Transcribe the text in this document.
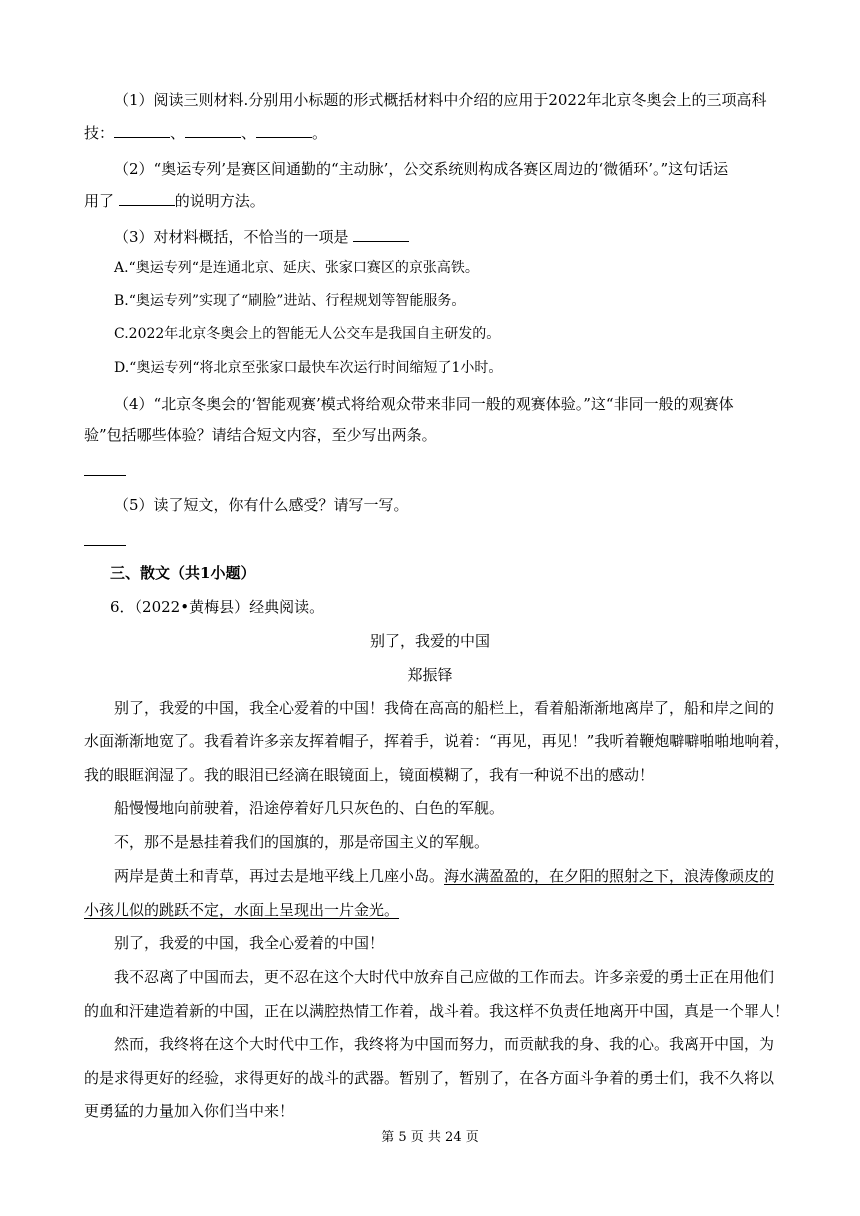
（1）阅读三则材料.分别用小标题的形式概括材料中介绍的应用于2022年北京冬奥会上的三项高科
技：	、	、	。
（2）“奥运专列’是赛区间通勤的“主动脉’，公交系统则构成各赛区周边的‘微循环’。”这句话运
用了	的说明方法。
（3）对材料概括，不恰当的一项是
A.“奥运专列“是连通北京、延庆、张家口赛区的京张高铁。
B.“奥运专列”实现了“刷脸”进站、行程规划等智能服务。
C.2022年北京冬奥会上的智能无人公交车是我国自主研发的。
D.“奥运专列“将北京至张家口最快车次运行时间缩短了1小时。
（4）“北京冬奥会的‘智能观赛’模式将给观众带来非同一般的观赛体验。”这“非同一般的观赛体
验”包括哪些体验？请结合短文内容，至少写出两条。
（5）读了短文，你有什么感受？请写一写。
三、散文（共1小题）
6．（2022•黄梅县）经典阅读。
别了，我爱的中国
郑振铎
别了，我爱的中国，我全心爱着的中国！我倚在高高的船栏上，看着船渐渐地离岸了，船和岸之间的
水面渐渐地宽了。我看着许多亲友挥着帽子，挥着手，说着：“再见，再见！”我听着鞭炮噼噼啪啪地响着，
我的眼眶润湿了。我的眼泪已经滴在眼镜面上，镜面模糊了，我有一种说不出的感动！
船慢慢地向前驶着，沿途停着好几只灰色的、白色的军舰。
不，那不是悬挂着我们的国旗的，那是帝国主义的军舰。
两岸是黄土和青草，再过去是地平线上几座小岛。海水满盈盈的，在夕阳的照射之下，浪涛像顽皮的
小孩儿似的跳跃不定，水面上呈现出一片金光。
别了，我爱的中国，我全心爱着的中国！
我不忍离了中国而去，更不忍在这个大时代中放弃自己应做的工作而去。许多亲爱的勇士正在用他们
的血和汗建造着新的中国，正在以满腔热情工作着，战斗着。我这样不负责任地离开中国，真是一个罪人！
然而，我终将在这个大时代中工作，我终将为中国而努力，而贡献我的身、我的心。我离开中国，为
的是求得更好的经验，求得更好的战斗的武器。暂别了，暂别了，在各方面斗争着的勇士们，我不久将以
更勇猛的力量加入你们当中来！
第 5 页 共 24 页
